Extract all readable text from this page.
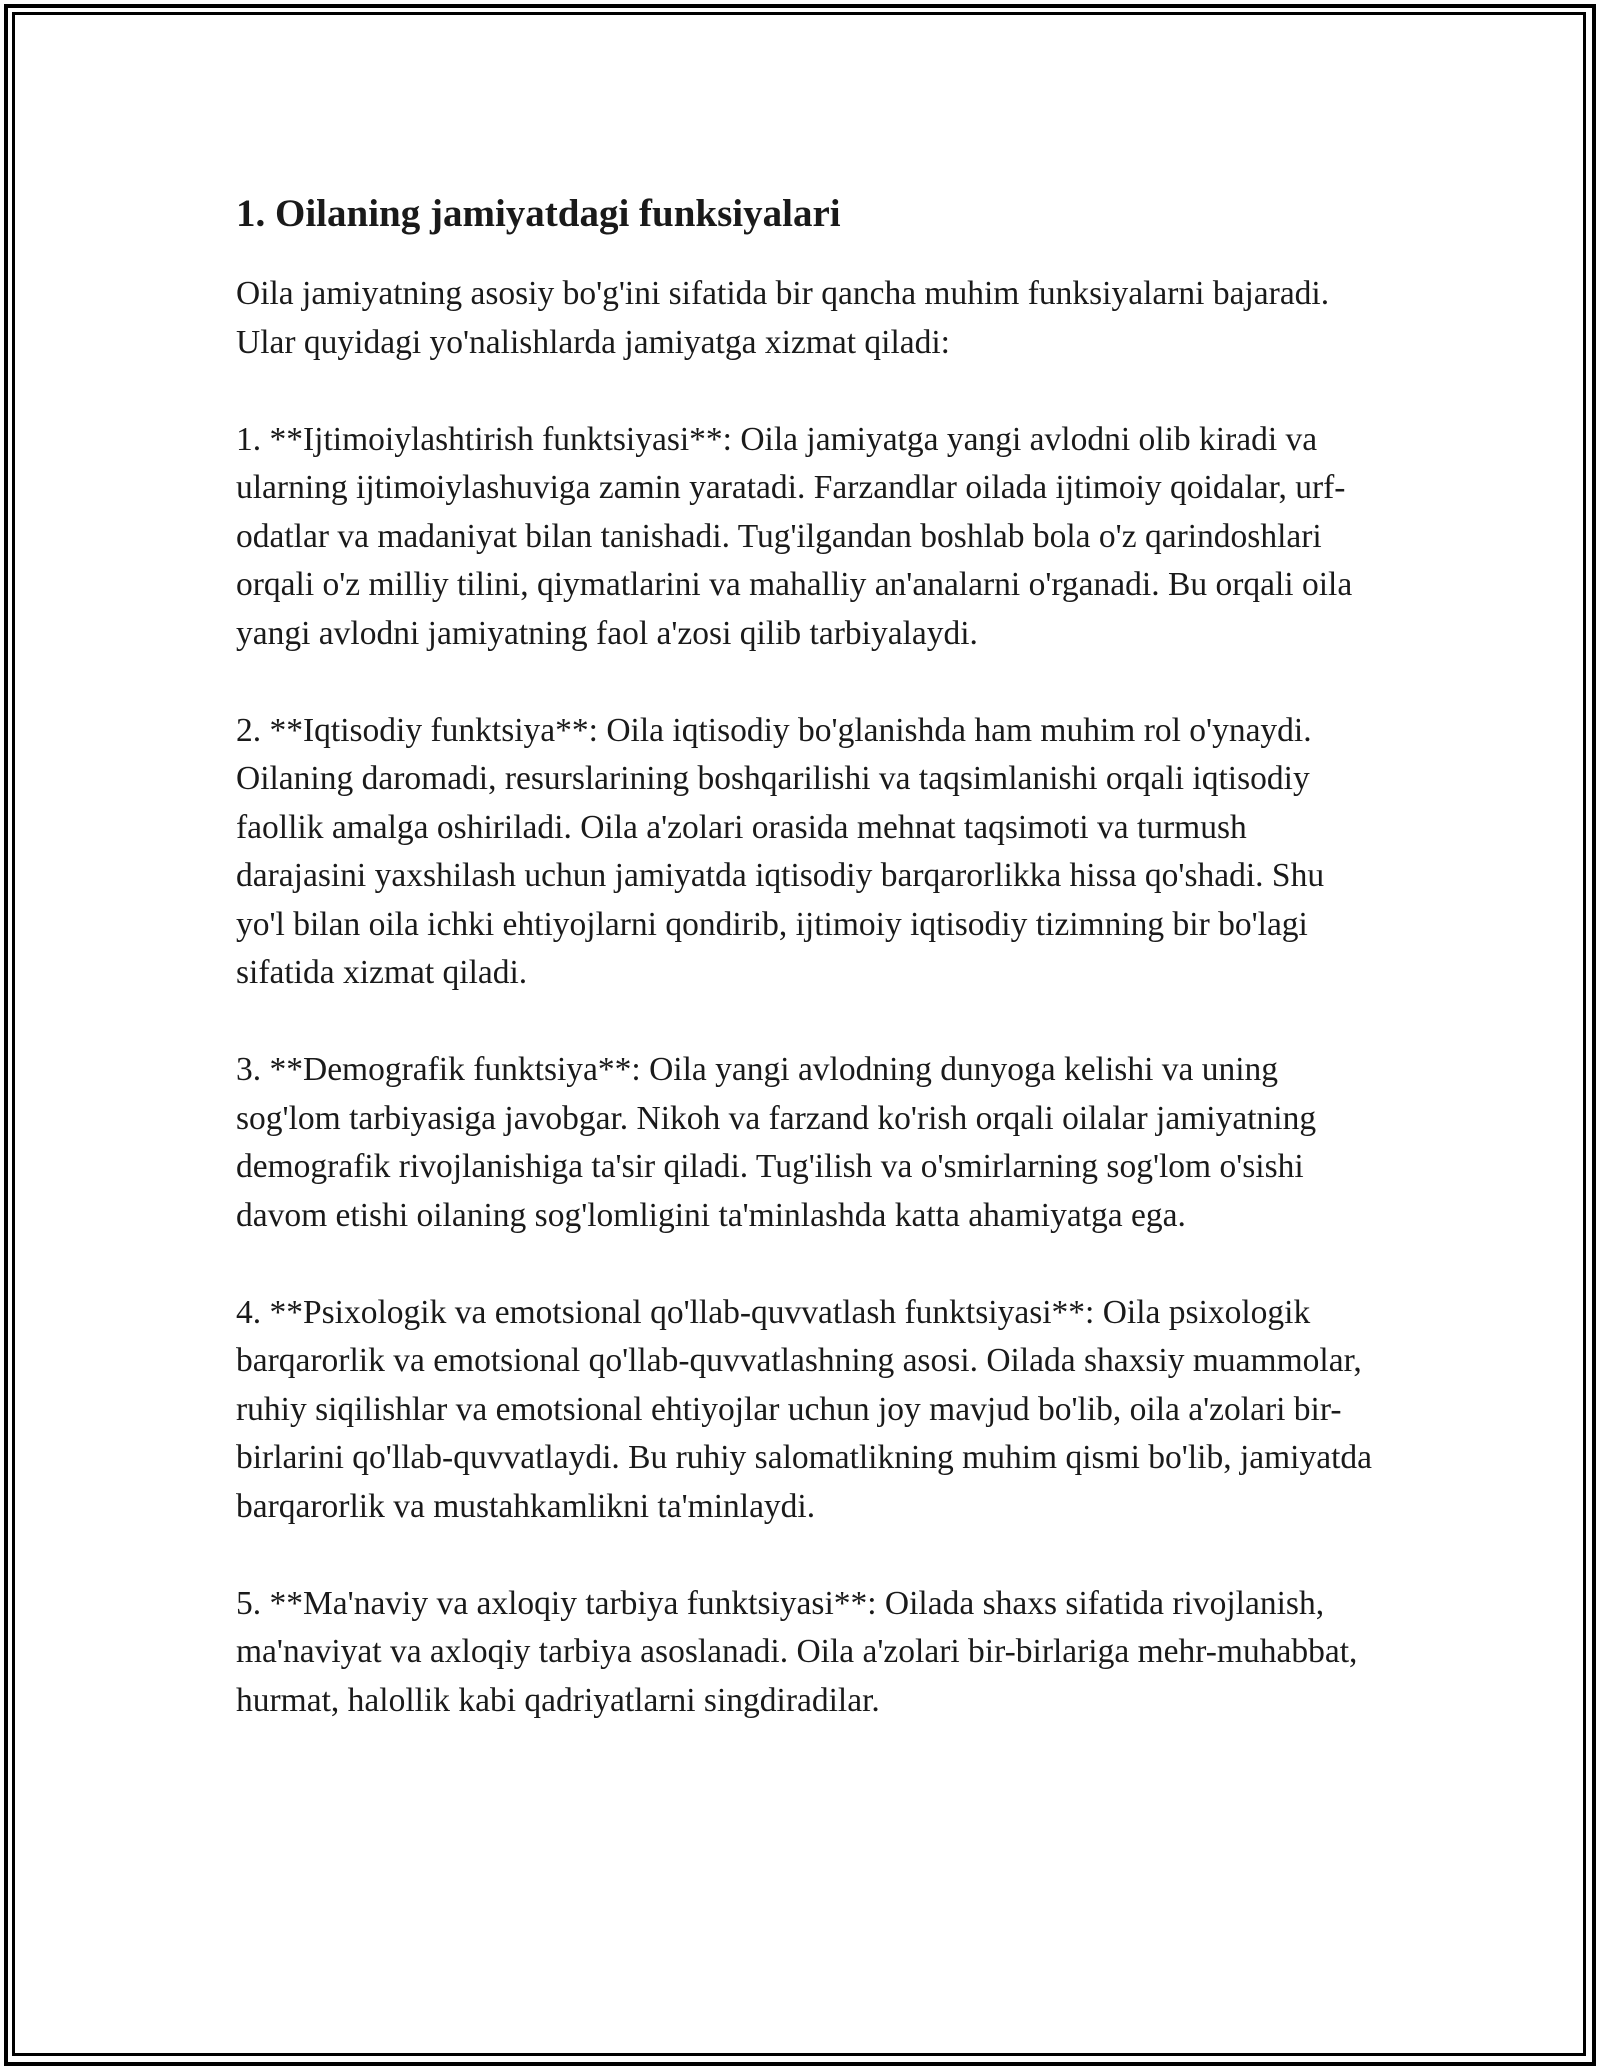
1. Oilaning jamiyatdagi funksiyalari

Oila jamiyatning asosiy bo'g'ini sifatida bir qancha muhim funksiyalarni bajaradi. Ular quyidagi yo'nalishlarda jamiyatga xizmat qiladi:

1. **Ijtimoiylashtirish funktsiyasi**: Oila jamiyatga yangi avlodni olib kiradi va ularning ijtimoiylashuviga zamin yaratadi. Farzandlar oilada ijtimoiy qoidalar, urf-odatlar va madaniyat bilan tanishadi. Tug'ilgandan boshlab bola o'z qarindoshlari orqali o'z milliy tilini, qiymatlarini va mahalliy an'analarni o'rganadi. Bu orqali oila yangi avlodni jamiyatning faol a'zosi qilib tarbiyalaydi.

2. **Iqtisodiy funktsiya**: Oila iqtisodiy bo'glanishda ham muhim rol o'ynaydi. Oilaning daromadi, resurslarining boshqarilishi va taqsimlanishi orqali iqtisodiy faollik amalga oshiriladi. Oila a'zolari orasida mehnat taqsimoti va turmush darajasini yaxshilash uchun jamiyatda iqtisodiy barqarorlikka hissa qo'shadi. Shu yo'l bilan oila ichki ehtiyojlarni qondirib, ijtimoiy iqtisodiy tizimning bir bo'lagi sifatida xizmat qiladi.

3. **Demografik funktsiya**: Oila yangi avlodning dunyoga kelishi va uning sog'lom tarbiyasiga javobgar. Nikoh va farzand ko'rish orqali oilalar jamiyatning demografik rivojlanishiga ta'sir qiladi. Tug'ilish va o'smirlarning sog'lom o'sishi davom etishi oilaning sog'lomligini ta'minlashda katta ahamiyatga ega.

4. **Psixologik va emotsional qo'llab-quvvatlash funktsiyasi**: Oila psixologik barqarorlik va emotsional qo'llab-quvvatlashning asosi. Oilada shaxsiy muammolar, ruhiy siqilishlar va emotsional ehtiyojlar uchun joy mavjud bo'lib, oila a'zolari bir-birlarini qo'llab-quvvatlaydi. Bu ruhiy salomatlikning muhim qismi bo'lib, jamiyatda barqarorlik va mustahkamlikni ta'minlaydi.

5. **Ma'naviy va axloqiy tarbiya funktsiyasi**: Oilada shaxs sifatida rivojlanish, ma'naviyat va axloqiy tarbiya asoslanadi. Oila a'zolari bir-birlariga mehr-muhabbat, hurmat, halollik kabi qadriyatlarni singdiradilar.
